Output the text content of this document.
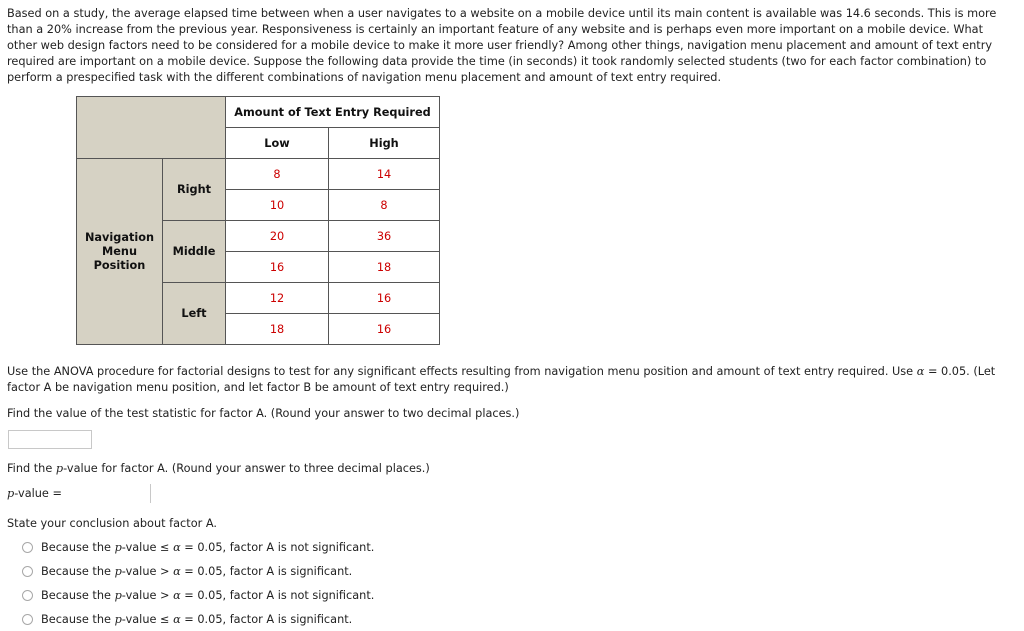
Based on a study, the average elapsed time between when a user navigates to a website on a mobile device until its main content is available was 14.6 seconds. This is more than a 20% increase from the previous year. Responsiveness is certainly an important feature of any website and is perhaps even more important on a mobile device. What other web design factors need to be considered for a mobile device to make it more user friendly? Among other things, navigation menu placement and amount of text entry required are important on a mobile device. Suppose the following data provide the time (in seconds) it took randomly selected students (two for each factor combination) to perform a prespecified task with the different combinations of navigation menu placement and amount of text entry required.

		Amount of Text Entry Required	
		Low	High
Navigation
Menu
Position	Right	8	14
		10	8
	Middle	20	36
		16	18
	Left	12	16
		18	16

Use the ANOVA procedure for factorial designs to test for any significant effects resulting from navigation menu position and amount of text entry required. Use α = 0.05. (Let factor A be navigation menu position, and let factor B be amount of text entry required.)

Find the value of the test statistic for factor A. (Round your answer to two decimal places.)

Find the p-value for factor A. (Round your answer to three decimal places.)

p-value =

State your conclusion about factor A.

Because the p-value ≤ α = 0.05, factor A is not significant.
Because the p-value > α = 0.05, factor A is significant.
Because the p-value > α = 0.05, factor A is not significant.
Because the p-value ≤ α = 0.05, factor A is significant.
